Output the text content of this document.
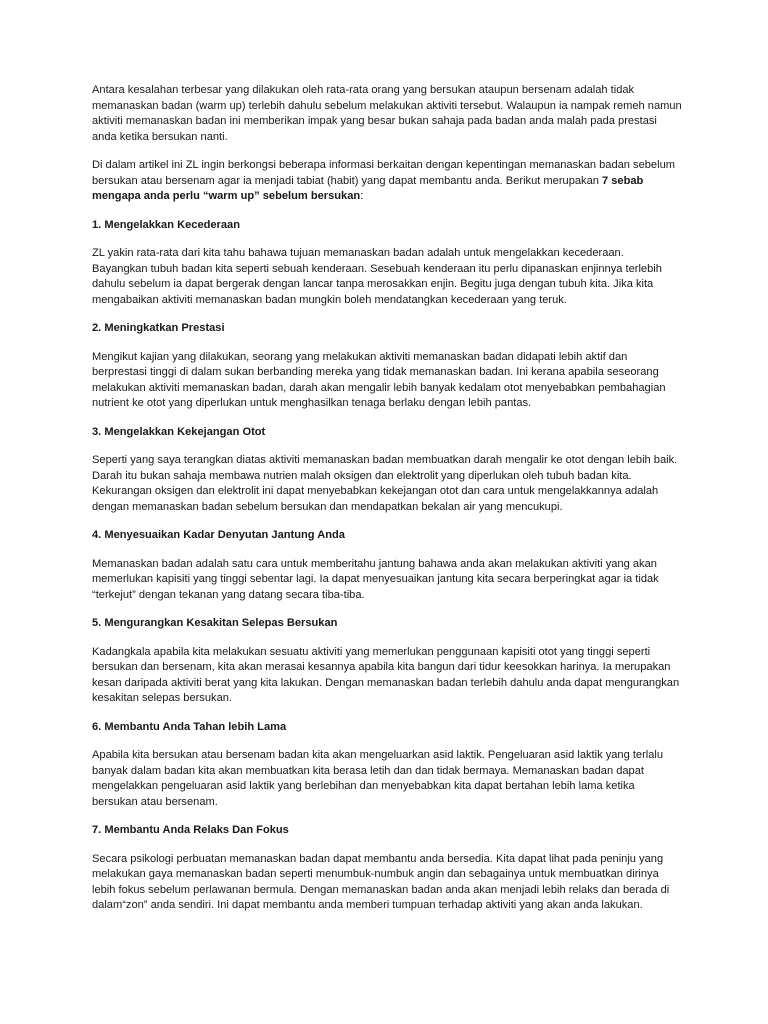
Antara kesalahan terbesar yang dilakukan oleh rata-rata orang yang bersukan ataupun bersenam adalah tidak memanaskan badan (warm up) terlebih dahulu sebelum melakukan aktiviti tersebut. Walaupun ia nampak remeh namun aktiviti memanaskan badan ini memberikan impak yang besar bukan sahaja pada badan anda malah pada prestasi anda ketika bersukan nanti.

Di dalam artikel ini ZL ingin berkongsi beberapa informasi berkaitan dengan kepentingan memanaskan badan sebelum bersukan atau bersenam agar ia menjadi tabiat (habit) yang dapat membantu anda. Berikut merupakan 7 sebab mengapa anda perlu “warm up” sebelum bersukan:

1. Mengelakkan Kecederaan

ZL yakin rata-rata dari kita tahu bahawa tujuan memanaskan badan adalah untuk mengelakkan kecederaan. Bayangkan tubuh badan kita seperti sebuah kenderaan. Sesebuah kenderaan itu perlu dipanaskan enjinnya terlebih dahulu sebelum ia dapat bergerak dengan lancar tanpa merosakkan enjin. Begitu juga dengan tubuh kita. Jika kita mengabaikan aktiviti memanaskan badan mungkin boleh mendatangkan kecederaan yang teruk.

2. Meningkatkan Prestasi

Mengikut kajian yang dilakukan, seorang yang melakukan aktiviti memanaskan badan didapati lebih aktif dan berprestasi tinggi di dalam sukan berbanding mereka yang tidak memanaskan badan. Ini kerana apabila seseorang melakukan aktiviti memanaskan badan, darah akan mengalir lebih banyak kedalam otot menyebabkan pembahagian nutrient ke otot yang diperlukan untuk menghasilkan tenaga berlaku dengan lebih pantas.

3. Mengelakkan Kekejangan Otot

Seperti yang saya terangkan diatas aktiviti memanaskan badan membuatkan darah mengalir ke otot dengan lebih baik. Darah itu bukan sahaja membawa nutrien malah oksigen dan elektrolit yang diperlukan oleh tubuh badan kita. Kekurangan oksigen dan elektrolit ini dapat menyebabkan kekejangan otot dan cara untuk mengelakkannya adalah dengan memanaskan badan sebelum bersukan dan mendapatkan bekalan air yang mencukupi.

4. Menyesuaikan Kadar Denyutan Jantung Anda

Memanaskan badan adalah satu cara untuk memberitahu jantung bahawa anda akan melakukan aktiviti yang akan memerlukan kapisiti yang tinggi sebentar lagi. Ia dapat menyesuaikan jantung kita secara berperingkat agar ia tidak “terkejut” dengan tekanan yang datang secara tiba-tiba.

5. Mengurangkan Kesakitan Selepas Bersukan

Kadangkala apabila kita melakukan sesuatu aktiviti yang memerlukan penggunaan kapisiti otot yang tinggi seperti bersukan dan bersenam, kita akan merasai kesannya apabila kita bangun dari tidur keesokkan harinya. Ia merupakan kesan daripada aktiviti berat yang kita lakukan. Dengan memanaskan badan terlebih dahulu anda dapat mengurangkan kesakitan selepas bersukan.

6. Membantu Anda Tahan lebih Lama

Apabila kita bersukan atau bersenam badan kita akan mengeluarkan asid laktik. Pengeluaran asid laktik yang terlalu banyak dalam badan kita akan membuatkan kita berasa letih dan dan tidak bermaya. Memanaskan badan dapat mengelakkan pengeluaran asid laktik yang berlebihan dan menyebabkan kita dapat bertahan lebih lama ketika bersukan atau bersenam.

7. Membantu Anda Relaks Dan Fokus

Secara psikologi perbuatan memanaskan badan dapat membantu anda bersedia. Kita dapat lihat pada peninju yang melakukan gaya memanaskan badan seperti menumbuk-numbuk angin dan sebagainya untuk membuatkan dirinya lebih fokus sebelum perlawanan bermula. Dengan memanaskan badan anda akan menjadi lebih relaks dan berada di dalam“zon” anda sendiri. Ini dapat membantu anda memberi tumpuan terhadap aktiviti yang akan anda lakukan.
